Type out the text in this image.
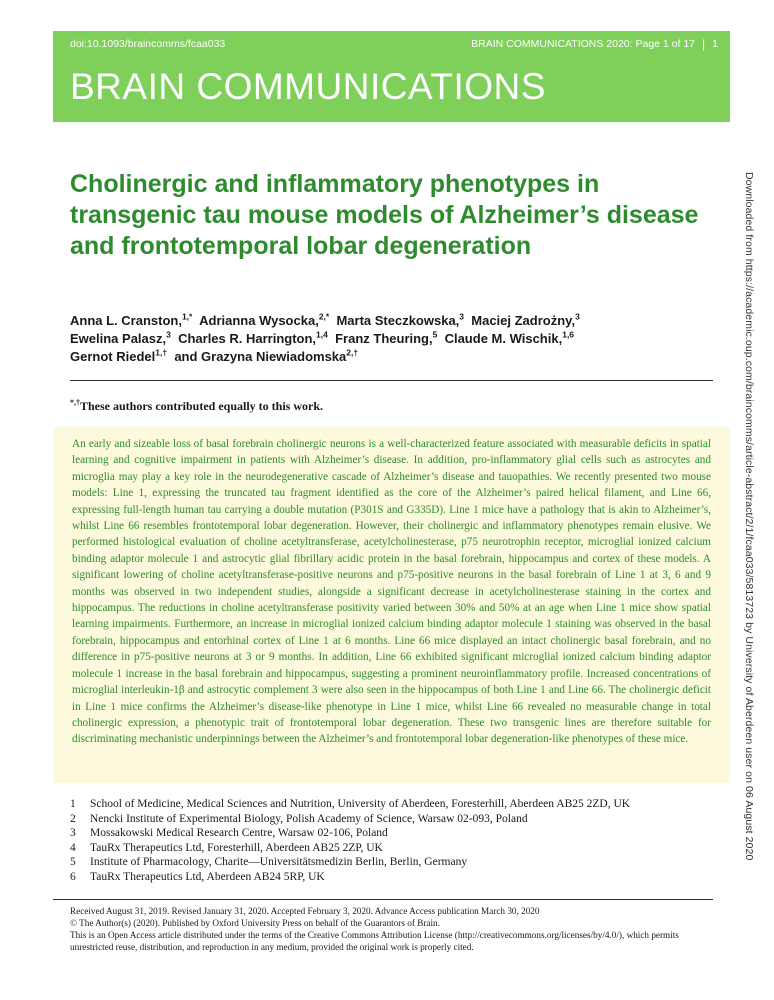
doi:10.1093/braincomms/fcaa033	BRAIN COMMUNICATIONS 2020: Page 1 of 17 | 1
BRAIN COMMUNICATIONS
Downloaded from https://academic.oup.com/braincomms/article-abstract/2/1/fcaa033/5813723 by University of Aberdeen user on 06 August 2020
Cholinergic and inflammatory phenotypes in transgenic tau mouse models of Alzheimer’s disease and frontotemporal lobar degeneration

Anna L. Cranston,$^{1,*}$ Adrianna Wysocka,$^{2,*}$ Marta Steczkowska,$^3$ Maciej Zadrożny,$^3$
Ewelina Palasz,$^3$ Charles R. Harrington,$^{1,4}$ Franz Theuring,$^5$ Claude M. Wischik,$^{1,6}$
Gernot Riedel$^{1,\dagger}$ and Grazyna Niewiadomska$^{2,\dagger}$

*,†These authors contributed equally to this work.

An early and sizeable loss of basal forebrain cholinergic neurons is a well-characterized feature associated with measurable deficits in spatial learning and cognitive impairment in patients with Alzheimer’s disease. In addition, pro-inflammatory glial cells such as astrocytes and microglia may play a key role in the neurodegenerative cascade of Alzheimer’s disease and tauopathies. We recently presented two mouse models: Line 1, expressing the truncated tau fragment identified as the core of the Alzheimer’s paired helical filament, and Line 66, expressing full-length human tau carrying a double mutation (P301S and G335D). Line 1 mice have a pathology that is akin to Alzheimer’s, whilst Line 66 resembles frontotemporal lobar degeneration. However, their cholinergic and inflammatory phenotypes remain elusive. We performed histological evaluation of choline acetyltransferase, acetylcholinesterase, p75 neurotrophin receptor, microglial ionized calcium binding adaptor molecule 1 and astrocytic glial fibrillary acidic protein in the basal forebrain, hippocampus and cortex of these models. A significant lowering of choline acetyltransferase-positive neurons and p75-positive neurons in the basal forebrain of Line 1 at 3, 6 and 9 months was observed in two independent studies, alongside a significant decrease in acetylcholinesterase staining in the cortex and hippocampus. The reductions in choline acetyltransferase positivity varied between 30% and 50% at an age when Line 1 mice show spatial learning impairments. Furthermore, an increase in microglial ionized calcium binding adaptor molecule 1 staining was observed in the basal forebrain, hippocampus and entorhinal cortex of Line 1 at 6 months. Line 66 mice displayed an intact cholinergic basal forebrain, and no difference in p75-positive neurons at 3 or 9 months. In addition, Line 66 exhibited significant microglial ionized calcium binding adaptor molecule 1 increase in the basal forebrain and hippocampus, suggesting a prominent neuroinflammatory profile. Increased concentrations of microglial interleukin-1β and astrocytic complement 3 were also seen in the hippocampus of both Line 1 and Line 66. The cholinergic deficit in Line 1 mice confirms the Alzheimer’s disease-like phenotype in Line 1 mice, whilst Line 66 revealed no measurable change in total cholinergic expression, a phenotypic trait of frontotemporal lobar degeneration. These two transgenic lines are therefore suitable for discriminating mechanistic underpinnings between the Alzheimer’s and frontotemporal lobar degeneration-like phenotypes of these mice.

1	School of Medicine, Medical Sciences and Nutrition, University of Aberdeen, Foresterhill, Aberdeen AB25 2ZD, UK
2	Nencki Institute of Experimental Biology, Polish Academy of Science, Warsaw 02-093, Poland
3	Mossakowski Medical Research Centre, Warsaw 02-106, Poland
4	TauRx Therapeutics Ltd, Foresterhill, Aberdeen AB25 2ZP, UK
5	Institute of Pharmacology, Charite—Universitätsmedizin Berlin, Berlin, Germany
6	TauRx Therapeutics Ltd, Aberdeen AB24 5RP, UK
Received August 31, 2019. Revised January 31, 2020. Accepted February 3, 2020. Advance Access publication March 30, 2020
© The Author(s) (2020). Published by Oxford University Press on behalf of the Guarantors of Brain.
This is an Open Access article distributed under the terms of the Creative Commons Attribution License (http://creativecommons.org/licenses/by/4.0/), which permits unrestricted reuse, distribution, and reproduction in any medium, provided the original work is properly cited.
